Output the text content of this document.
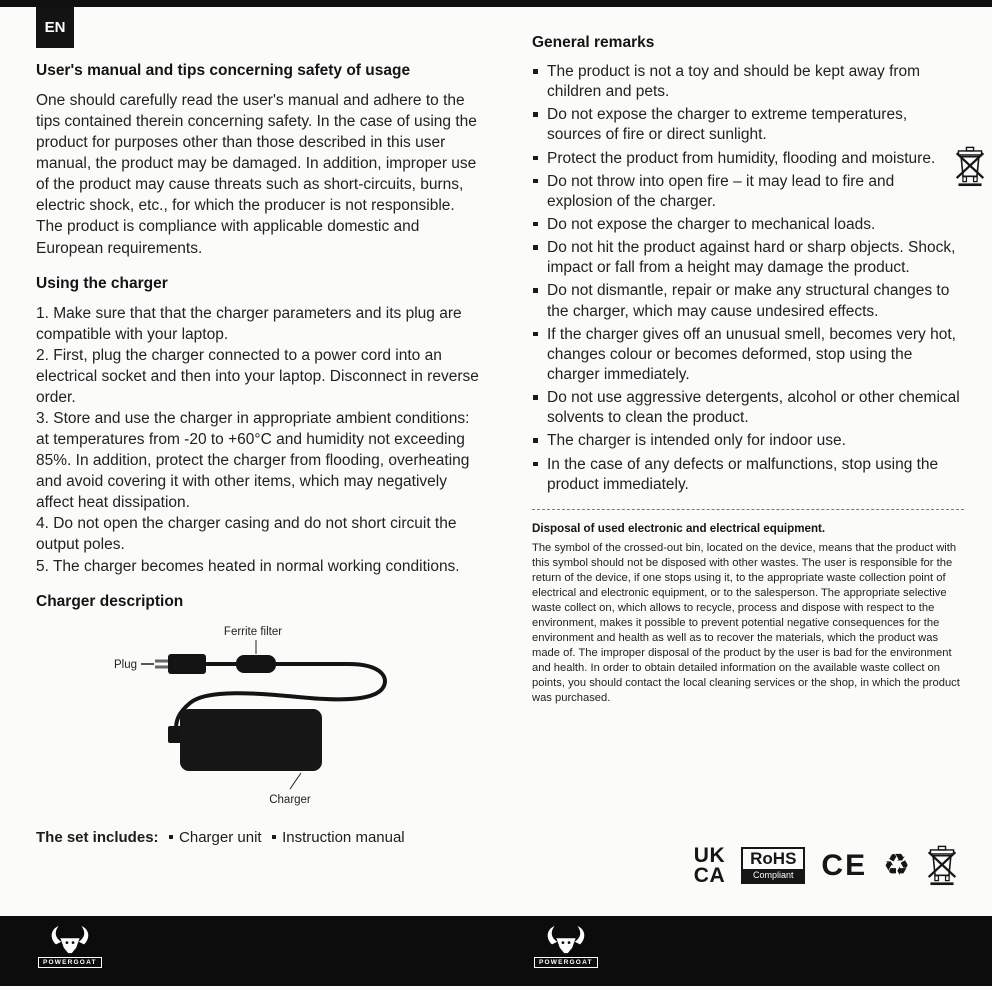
EN
User's manual and tips concerning safety of usage

One should carefully read the user's manual and adhere to the tips contained therein concerning safety. In the case of using the product for purposes other than those described in this user manual, the product may be damaged. In addition, improper use of the product may cause threats such as short-circuits, burns, electric shock, etc., for which the producer is not responsible. The product is compliance with applicable domestic and European requirements.

Using the charger

1. Make sure that that the charger parameters and its plug are compatible with your laptop.

2. First, plug the charger connected to a power cord into an electrical socket and then into your laptop. Disconnect in reverse order.

3. Store and use the charger in appropriate ambient conditions: at temperatures from -20 to +60°C and humidity not exceeding 85%. In addition, protect the charger from flooding, overheating and avoid covering it with other items, which may negatively affect heat dissipation.

4. Do not open the charger casing and do not short circuit the output poles.

5. The charger becomes heated in normal working conditions.

Charger description
Ferrite filter
Plug
Charger
The set includes: Charger unit Instruction manual
General remarks
The product is not a toy and should be kept away from children and pets.
Do not expose the charger to extreme temperatures, sources of fire or direct sunlight.
Protect the product from humidity, flooding and moisture.
Do not throw into open fire – it may lead to fire and explosion of the charger.
Do not expose the charger to mechanical loads.
Do not hit the product against hard or sharp objects. Shock, impact or fall from a height may damage the product.
Do not dismantle, repair or make any structural changes to the charger, which may cause undesired effects.
If the charger gives off an unusual smell, becomes very hot, changes colour or becomes deformed, stop using the charger immediately.
Do not use aggressive detergents, alcohol or other chemical solvents to clean the product.
The charger is intended only for indoor use.
In the case of any defects or malfunctions, stop using the product immediately.
Disposal of used electronic and electrical equipment.

The symbol of the crossed-out bin, located on the device, means that the product with this symbol should not be disposed with other wastes. The user is responsible for the return of the device, if one stops using it, to the appropriate waste collection point of electrical and electronic equipment, or to the salesperson. The appropriate selective waste collect on, which allows to recycle, process and dispose with respect to the environment, makes it possible to prevent potential negative consequences for the environment and health as well as to recover the materials, which the product was made of. The improper disposal of the product by the user is bad for the environment and health. In order to obtain detailed information on the available waste collect on points, you should contact the local cleaning services or the shop, in which the product was purchased.

UK
CA
RoHS
Compliant CE ♻
POWERGOAT	POWERGOAT
